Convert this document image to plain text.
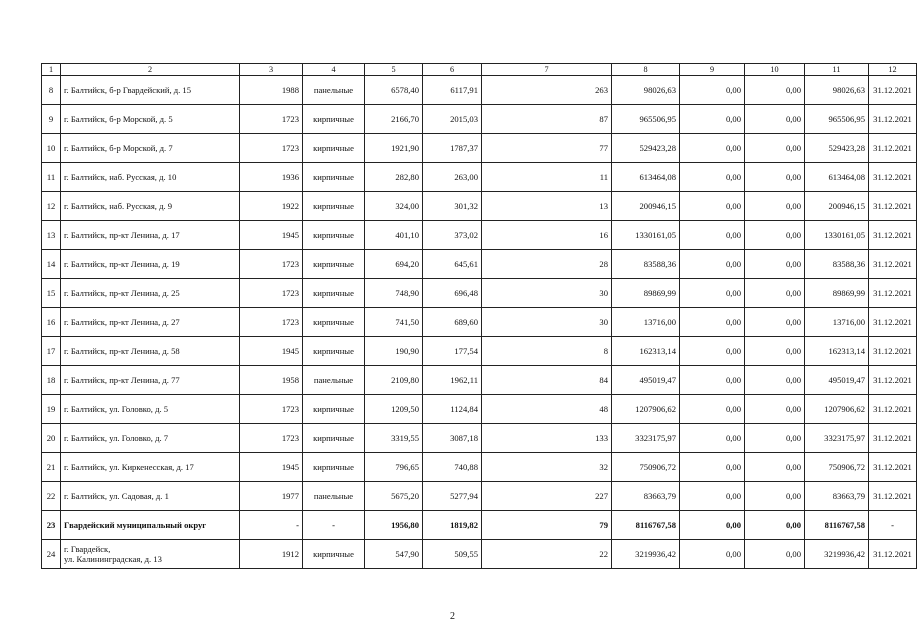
1	2	3	4	5	6	7	8	9	10	11	12
8	г. Балтийск, б-р Гвардейский, д. 15	1988	панельные	6578,40	6117,91	263	98026,63	0,00	0,00	98026,63	31.12.2021
9	г. Балтийск, б-р Морской, д. 5	1723	кирпичные	2166,70	2015,03	87	965506,95	0,00	0,00	965506,95	31.12.2021
10	г. Балтийск, б-р Морской, д. 7	1723	кирпичные	1921,90	1787,37	77	529423,28	0,00	0,00	529423,28	31.12.2021
11	г. Балтийск, наб. Русская, д. 10	1936	кирпичные	282,80	263,00	11	613464,08	0,00	0,00	613464,08	31.12.2021
12	г. Балтийск, наб. Русская, д. 9	1922	кирпичные	324,00	301,32	13	200946,15	0,00	0,00	200946,15	31.12.2021
13	г. Балтийск, пр-кт Ленина, д. 17	1945	кирпичные	401,10	373,02	16	1330161,05	0,00	0,00	1330161,05	31.12.2021
14	г. Балтийск, пр-кт Ленина, д. 19	1723	кирпичные	694,20	645,61	28	83588,36	0,00	0,00	83588,36	31.12.2021
15	г. Балтийск, пр-кт Ленина, д. 25	1723	кирпичные	748,90	696,48	30	89869,99	0,00	0,00	89869,99	31.12.2021
16	г. Балтийск, пр-кт Ленина, д. 27	1723	кирпичные	741,50	689,60	30	13716,00	0,00	0,00	13716,00	31.12.2021
17	г. Балтийск, пр-кт Ленина, д. 58	1945	кирпичные	190,90	177,54	8	162313,14	0,00	0,00	162313,14	31.12.2021
18	г. Балтийск, пр-кт Ленина, д. 77	1958	панельные	2109,80	1962,11	84	495019,47	0,00	0,00	495019,47	31.12.2021
19	г. Балтийск, ул. Головко, д. 5	1723	кирпичные	1209,50	1124,84	48	1207906,62	0,00	0,00	1207906,62	31.12.2021
20	г. Балтийск, ул. Головко, д. 7	1723	кирпичные	3319,55	3087,18	133	3323175,97	0,00	0,00	3323175,97	31.12.2021
21	г. Балтийск, ул. Киркенесская, д. 17	1945	кирпичные	796,65	740,88	32	750906,72	0,00	0,00	750906,72	31.12.2021
22	г. Балтийск, ул. Садовая, д. 1	1977	панельные	5675,20	5277,94	227	83663,79	0,00	0,00	83663,79	31.12.2021
23	Гвардейский муниципальный округ	-	-	1956,80	1819,82	79	8116767,58	0,00	0,00	8116767,58	-
24	г. Гвардейск,
ул. Калининградская, д. 13	1912	кирпичные	547,90	509,55	22	3219936,42	0,00	0,00	3219936,42	31.12.2021
2
